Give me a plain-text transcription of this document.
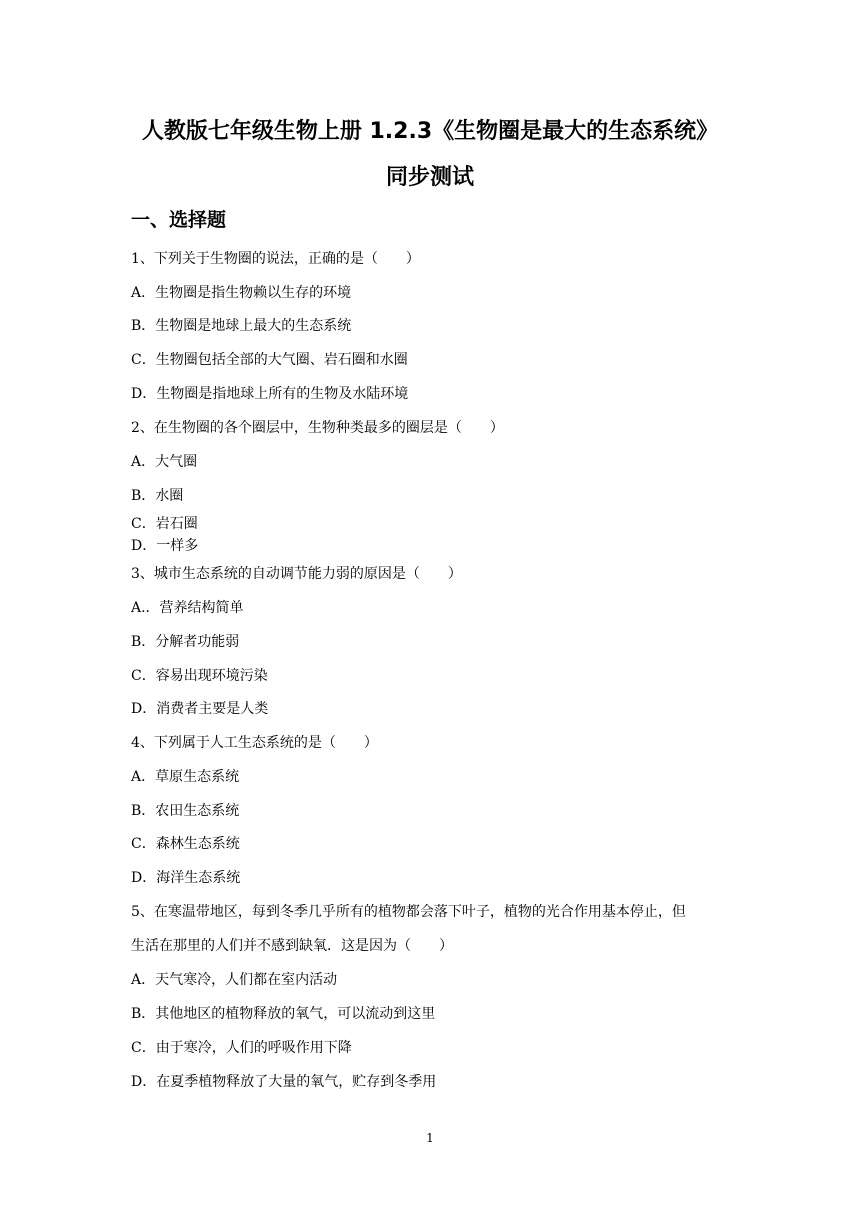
人教版七年级生物上册 1.2.3《生物圈是最大的生态系统》
同步测试
一、选择题
1、下列关于生物圈的说法，正确的是（　　）
A．生物圈是指生物赖以生存的环境
B．生物圈是地球上最大的生态系统
C．生物圈包括全部的大气圈、岩石圈和水圈
D．生物圈是指地球上所有的生物及水陆环境
2、在生物圈的各个圈层中，生物种类最多的圈层是（　　）
A．大气圈
B．水圈
C．岩石圈
D．一样多
3、城市生态系统的自动调节能力弱的原因是（　　）
A.．营养结构简单
B．分解者功能弱
C．容易出现环境污染
D．消费者主要是人类
4、下列属于人工生态系统的是（　　）
A．草原生态系统
B．农田生态系统
C．森林生态系统
D．海洋生态系统
5、在寒温带地区，每到冬季几乎所有的植物都会落下叶子，植物的光合作用基本停止，但
生活在那里的人们并不感到缺氧．这是因为（　　）
A．天气寒冷，人们都在室内活动
B．其他地区的植物释放的氧气，可以流动到这里
C．由于寒冷，人们的呼吸作用下降
D．在夏季植物释放了大量的氧气，贮存到冬季用
1
